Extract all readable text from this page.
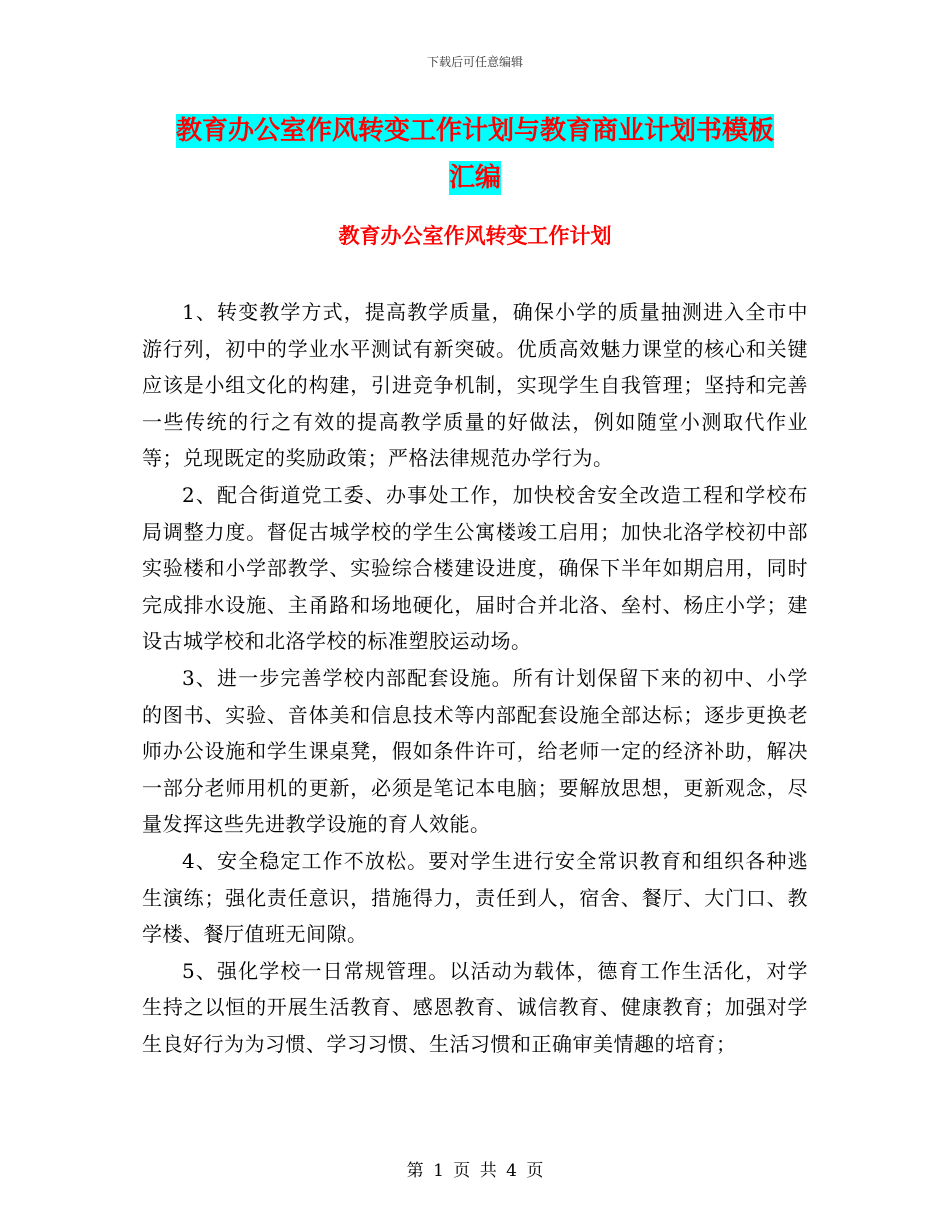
下载后可任意编辑
教育办公室作风转变工作计划与教育商业计划书模板
汇编
教育办公室作风转变工作计划

1、转变教学方式，提高教学质量，确保小学的质量抽测进入全市中游行列，初中的学业水平测试有新突破。优质高效魅力课堂的核心和关键应该是小组文化的构建，引进竞争机制，实现学生自我管理；坚持和完善一些传统的行之有效的提高教学质量的好做法，例如随堂小测取代作业等；兑现既定的奖励政策；严格法律规范办学行为。

2、配合街道党工委、办事处工作，加快校舍安全改造工程和学校布局调整力度。督促古城学校的学生公寓楼竣工启用；加快北洛学校初中部实验楼和小学部教学、实验综合楼建设进度，确保下半年如期启用，同时完成排水设施、主甬路和场地硬化，届时合并北洛、垒村、杨庄小学；建设古城学校和北洛学校的标准塑胶运动场。

3、进一步完善学校内部配套设施。所有计划保留下来的初中、小学的图书、实验、音体美和信息技术等内部配套设施全部达标；逐步更换老师办公设施和学生课桌凳，假如条件许可，给老师一定的经济补助，解决一部分老师用机的更新，必须是笔记本电脑；要解放思想，更新观念，尽量发挥这些先进教学设施的育人效能。

4、安全稳定工作不放松。要对学生进行安全常识教育和组织各种逃生演练；强化责任意识，措施得力，责任到人，宿舍、餐厅、大门口、教学楼、餐厅值班无间隙。

5、强化学校一日常规管理。以活动为载体，德育工作生活化，对学生持之以恒的开展生活教育、感恩教育、诚信教育、健康教育；加强对学生良好行为为习惯、学习习惯、生活习惯和正确审美情趣的培育；

第 1 页 共 4 页
